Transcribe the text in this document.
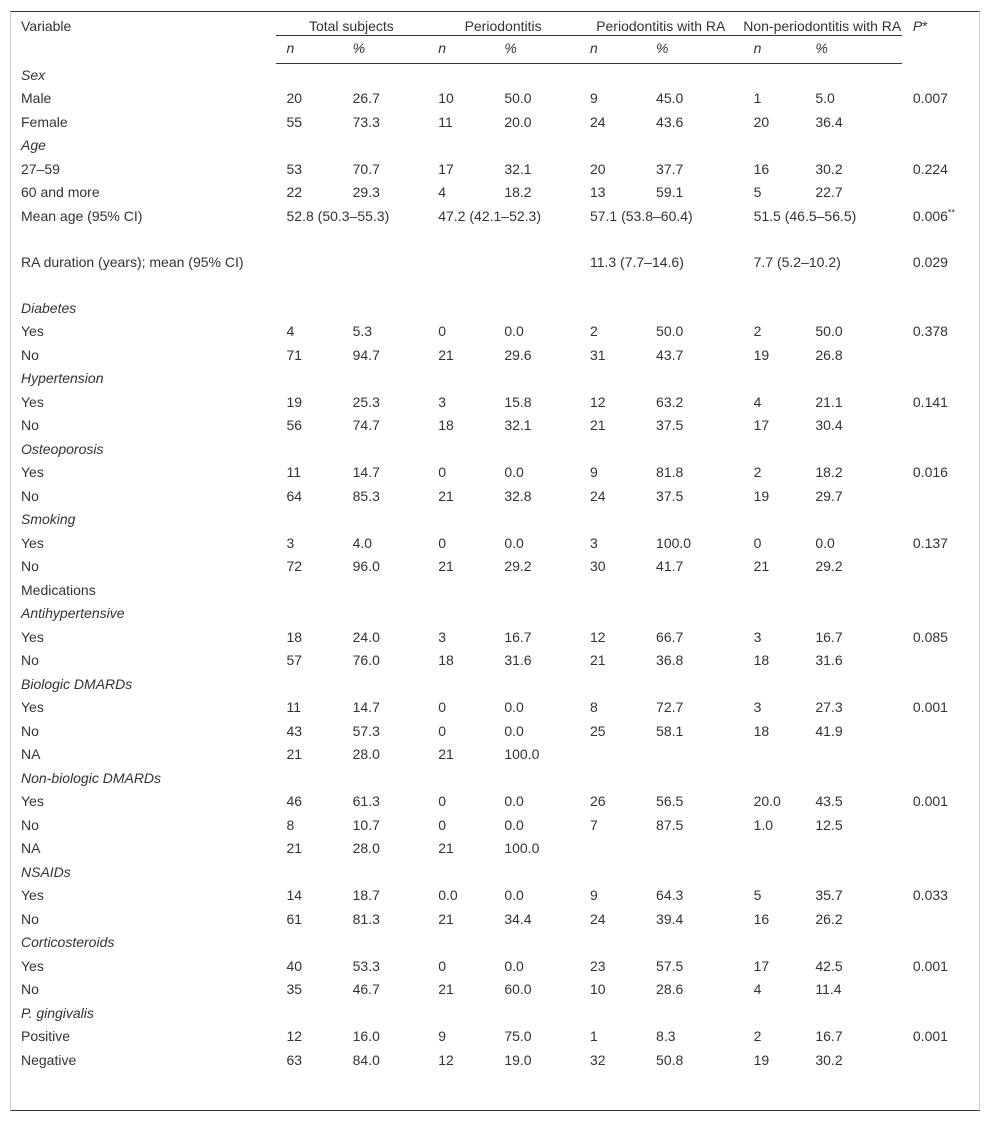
Variable	Total subjects		Periodontitis		Periodontitis with RA		Non-periodontitis with RA		P*
	n	%	n	%	n	%	n	%	
Sex									
Male	20	26.7	10	50.0	9	45.0	1	5.0	0.007
Female	55	73.3	11	20.0	24	43.6	20	36.4	
Age									
27–59	53	70.7	17	32.1	20	37.7	16	30.2	0.224
60 and more	22	29.3	4	18.2	13	59.1	5	22.7	
Mean age (95% CI)	52.8 (50.3–55.3)		47.2 (42.1–52.3)		57.1 (53.8–60.4)		51.5 (46.5–56.5)		0.006**
RA duration (years); mean (95% CI)					11.3 (7.7–14.6)		7.7 (5.2–10.2)		0.029
Diabetes									
Yes	4	5.3	0	0.0	2	50.0	2	50.0	0.378
No	71	94.7	21	29.6	31	43.7	19	26.8	
Hypertension									
Yes	19	25.3	3	15.8	12	63.2	4	21.1	0.141
No	56	74.7	18	32.1	21	37.5	17	30.4	
Osteoporosis									
Yes	11	14.7	0	0.0	9	81.8	2	18.2	0.016
No	64	85.3	21	32.8	24	37.5	19	29.7	
Smoking									
Yes	3	4.0	0	0.0	3	100.0	0	0.0	0.137
No	72	96.0	21	29.2	30	41.7	21	29.2	
Medications									
Antihypertensive									
Yes	18	24.0	3	16.7	12	66.7	3	16.7	0.085
No	57	76.0	18	31.6	21	36.8	18	31.6	
Biologic DMARDs									
Yes	11	14.7	0	0.0	8	72.7	3	27.3	0.001
No	43	57.3	0	0.0	25	58.1	18	41.9	
NA	21	28.0	21	100.0					
Non-biologic DMARDs									
Yes	46	61.3	0	0.0	26	56.5	20.0	43.5	0.001
No	8	10.7	0	0.0	7	87.5	1.0	12.5	
NA	21	28.0	21	100.0					
NSAIDs									
Yes	14	18.7	0.0	0.0	9	64.3	5	35.7	0.033
No	61	81.3	21	34.4	24	39.4	16	26.2	
Corticosteroids									
Yes	40	53.3	0	0.0	23	57.5	17	42.5	0.001
No	35	46.7	21	60.0	10	28.6	4	11.4	
P. gingivalis									
Positive	12	16.0	9	75.0	1	8.3	2	16.7	0.001
Negative	63	84.0	12	19.0	32	50.8	19	30.2	
